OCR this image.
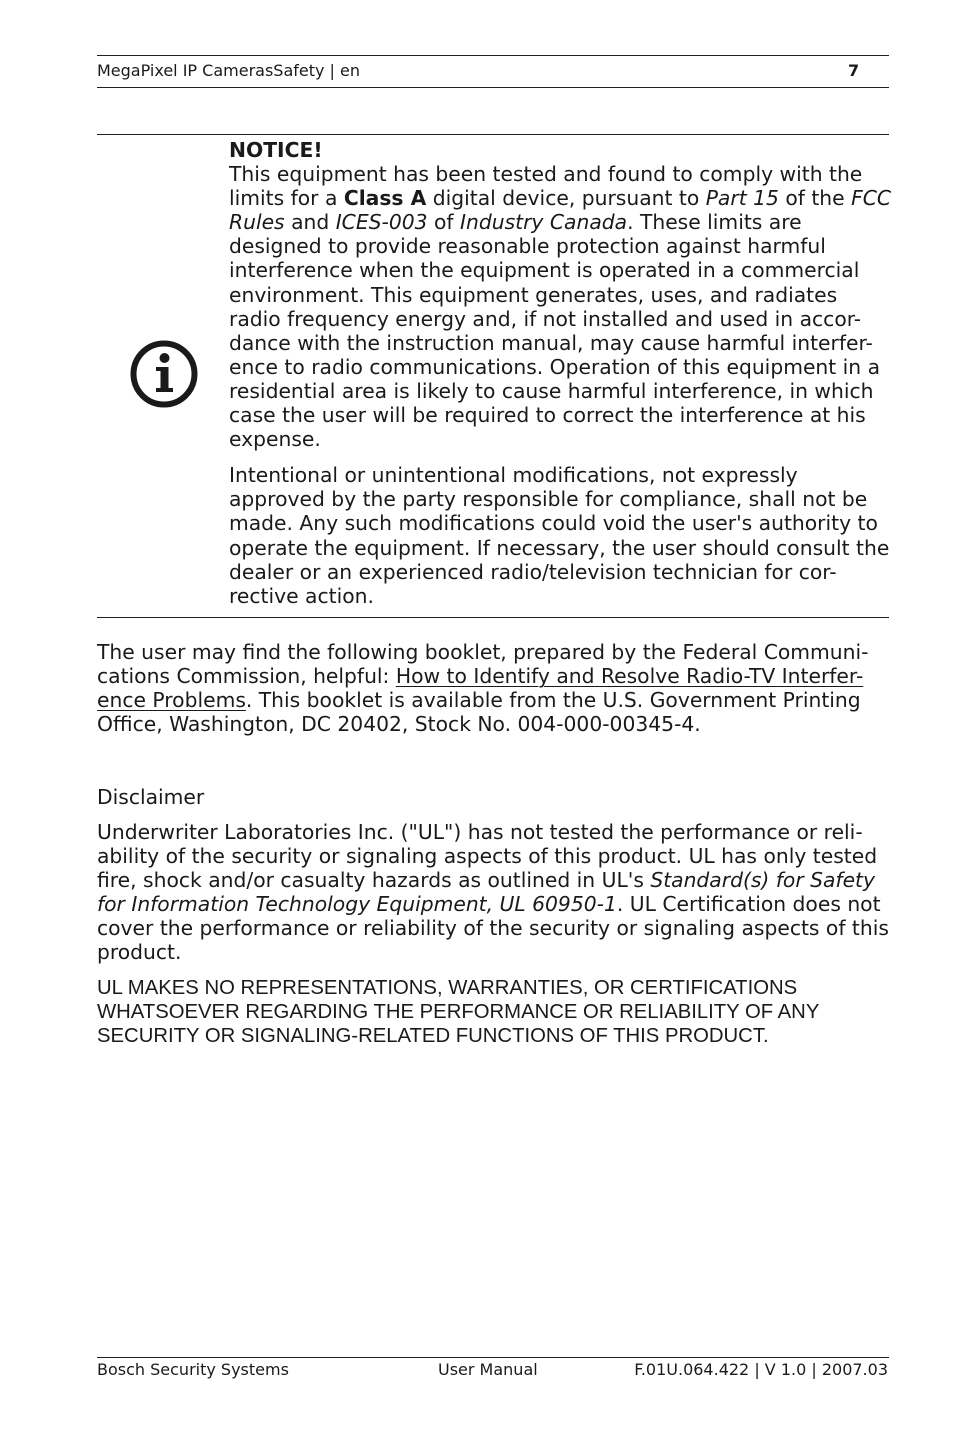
MegaPixel IP CamerasSafety | en	7
NOTICE!

This equipment has been tested and found to comply with the limits for a Class A digital device, pursuant to Part 15 of the FCC Rules and ICES-003 of Industry Canada. These limits are designed to provide reasonable protection against harmful interference when the equipment is operated in a commercial environment. This equipment generates, uses, and radiates radio frequency energy and, if not installed and used in accor-dance with the instruction manual, may cause harmful interfer-ence to radio communications. Operation of this equipment in a residential area is likely to cause harmful interference, in which case the user will be required to correct the interference at his expense.

Intentional or unintentional modifications, not expressly approved by the party responsible for compliance, shall not be made. Any such modifications could void the user's authority to operate the equipment. If necessary, the user should consult the dealer or an experienced radio/television technician for cor-rective action.

The user may find the following booklet, prepared by the Federal Communi-cations Commission, helpful: How to Identify and Resolve Radio-TV Interfer-ence Problems. This booklet is available from the U.S. Government Printing Office, Washington, DC 20402, Stock No. 004-000-00345-4.
Disclaimer
Underwriter Laboratories Inc. ("UL") has not tested the performance or reli-ability of the security or signaling aspects of this product. UL has only tested fire, shock and/or casualty hazards as outlined in UL's Standard(s) for Safety for Information Technology Equipment, UL 60950-1. UL Certification does not cover the performance or reliability of the security or signaling aspects of this product.
UL MAKES NO REPRESENTATIONS, WARRANTIES, OR CERTIFICATIONS WHATSOEVER REGARDING THE PERFORMANCE OR RELIABILITY OF ANY SECURITY OR SIGNALING-RELATED FUNCTIONS OF THIS PRODUCT.
Bosch Security Systems	User Manual	F.01U.064.422 | V 1.0 | 2007.03
